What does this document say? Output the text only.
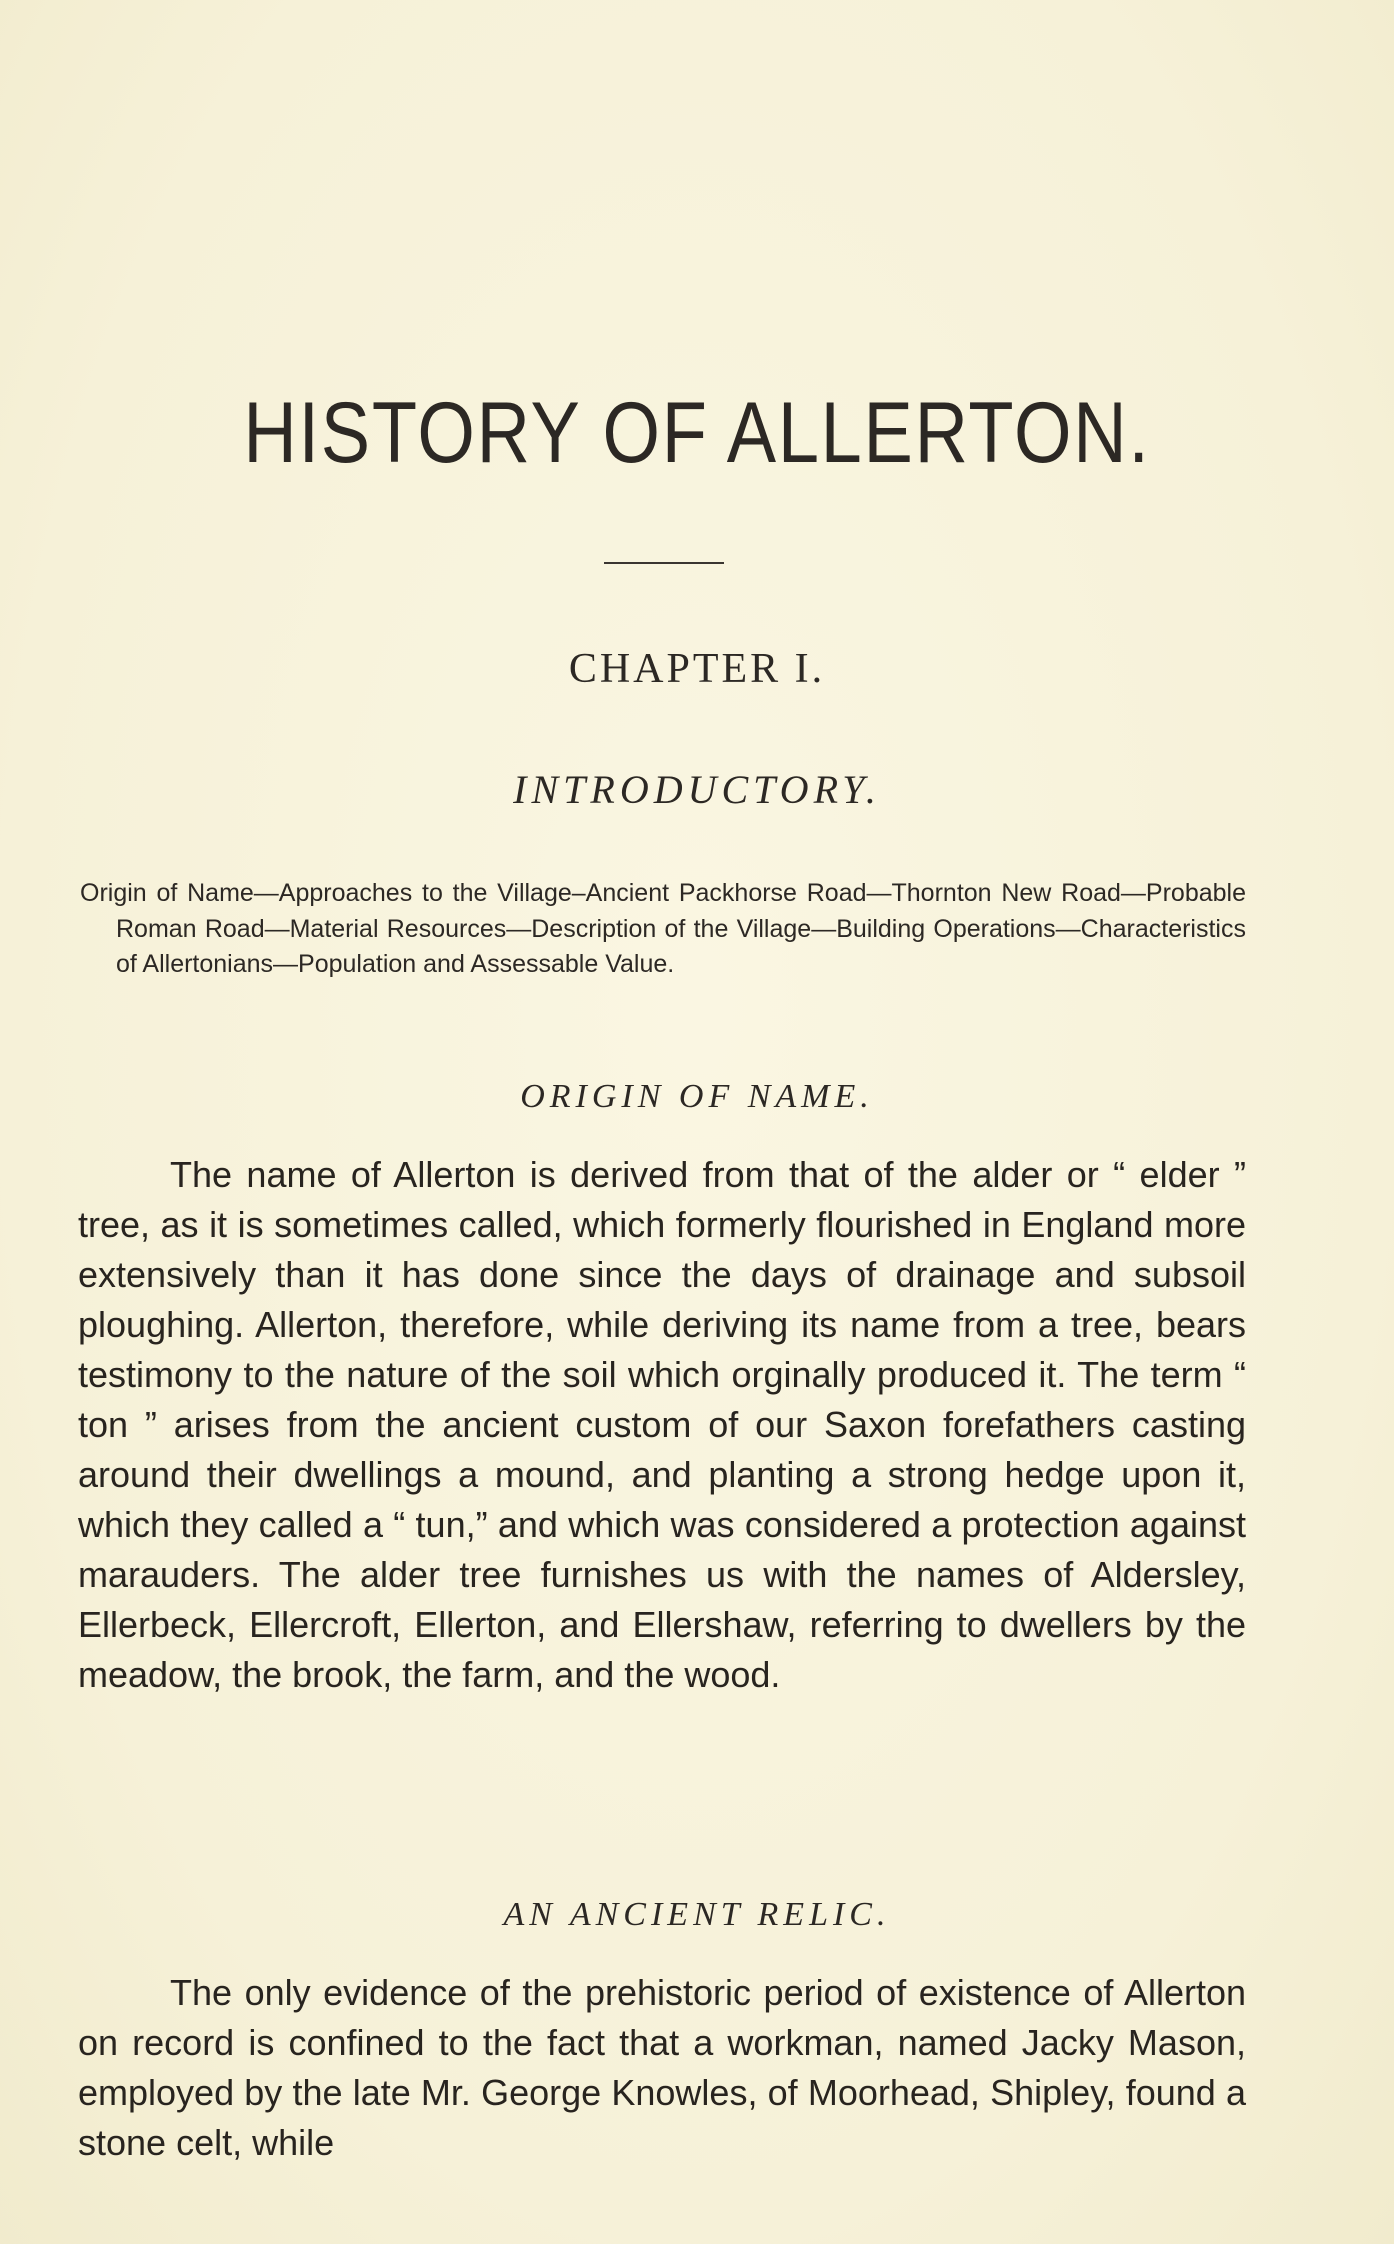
HISTORY OF ALLERTON.
CHAPTER I.
INTRODUCTORY.
Origin of Name—Approaches to the Village–Ancient Packhorse Road—Thornton New Road—Probable Roman Road—Material Resources—Description of the Village—Building Operations—Characteristics of Allertonians—Population and Assessable Value.
ORIGIN OF NAME.

The name of Allerton is derived from that of the alder or “ elder ” tree, as it is sometimes called, which formerly flourished in England more extensively than it has done since the days of drainage and subsoil ploughing. Allerton, therefore, while deriving its name from a tree, bears testimony to the nature of the soil which orginally produced it. The term “ ton ” arises from the ancient custom of our Saxon forefathers casting around their dwellings a mound, and planting a strong hedge upon it, which they called a “ tun,” and which was considered a protection against marauders. The alder tree furnishes us with the names of Aldersley, Ellerbeck, Ellercroft, Ellerton, and Ellershaw, referring to dwellers by the meadow, the brook, the farm, and the wood.

AN ANCIENT RELIC.

The only evidence of the prehistoric period of existence of Allerton on record is confined to the fact that a workman, named Jacky Mason, employed by the late Mr. George Knowles, of Moorhead, Shipley, found a stone celt, while
